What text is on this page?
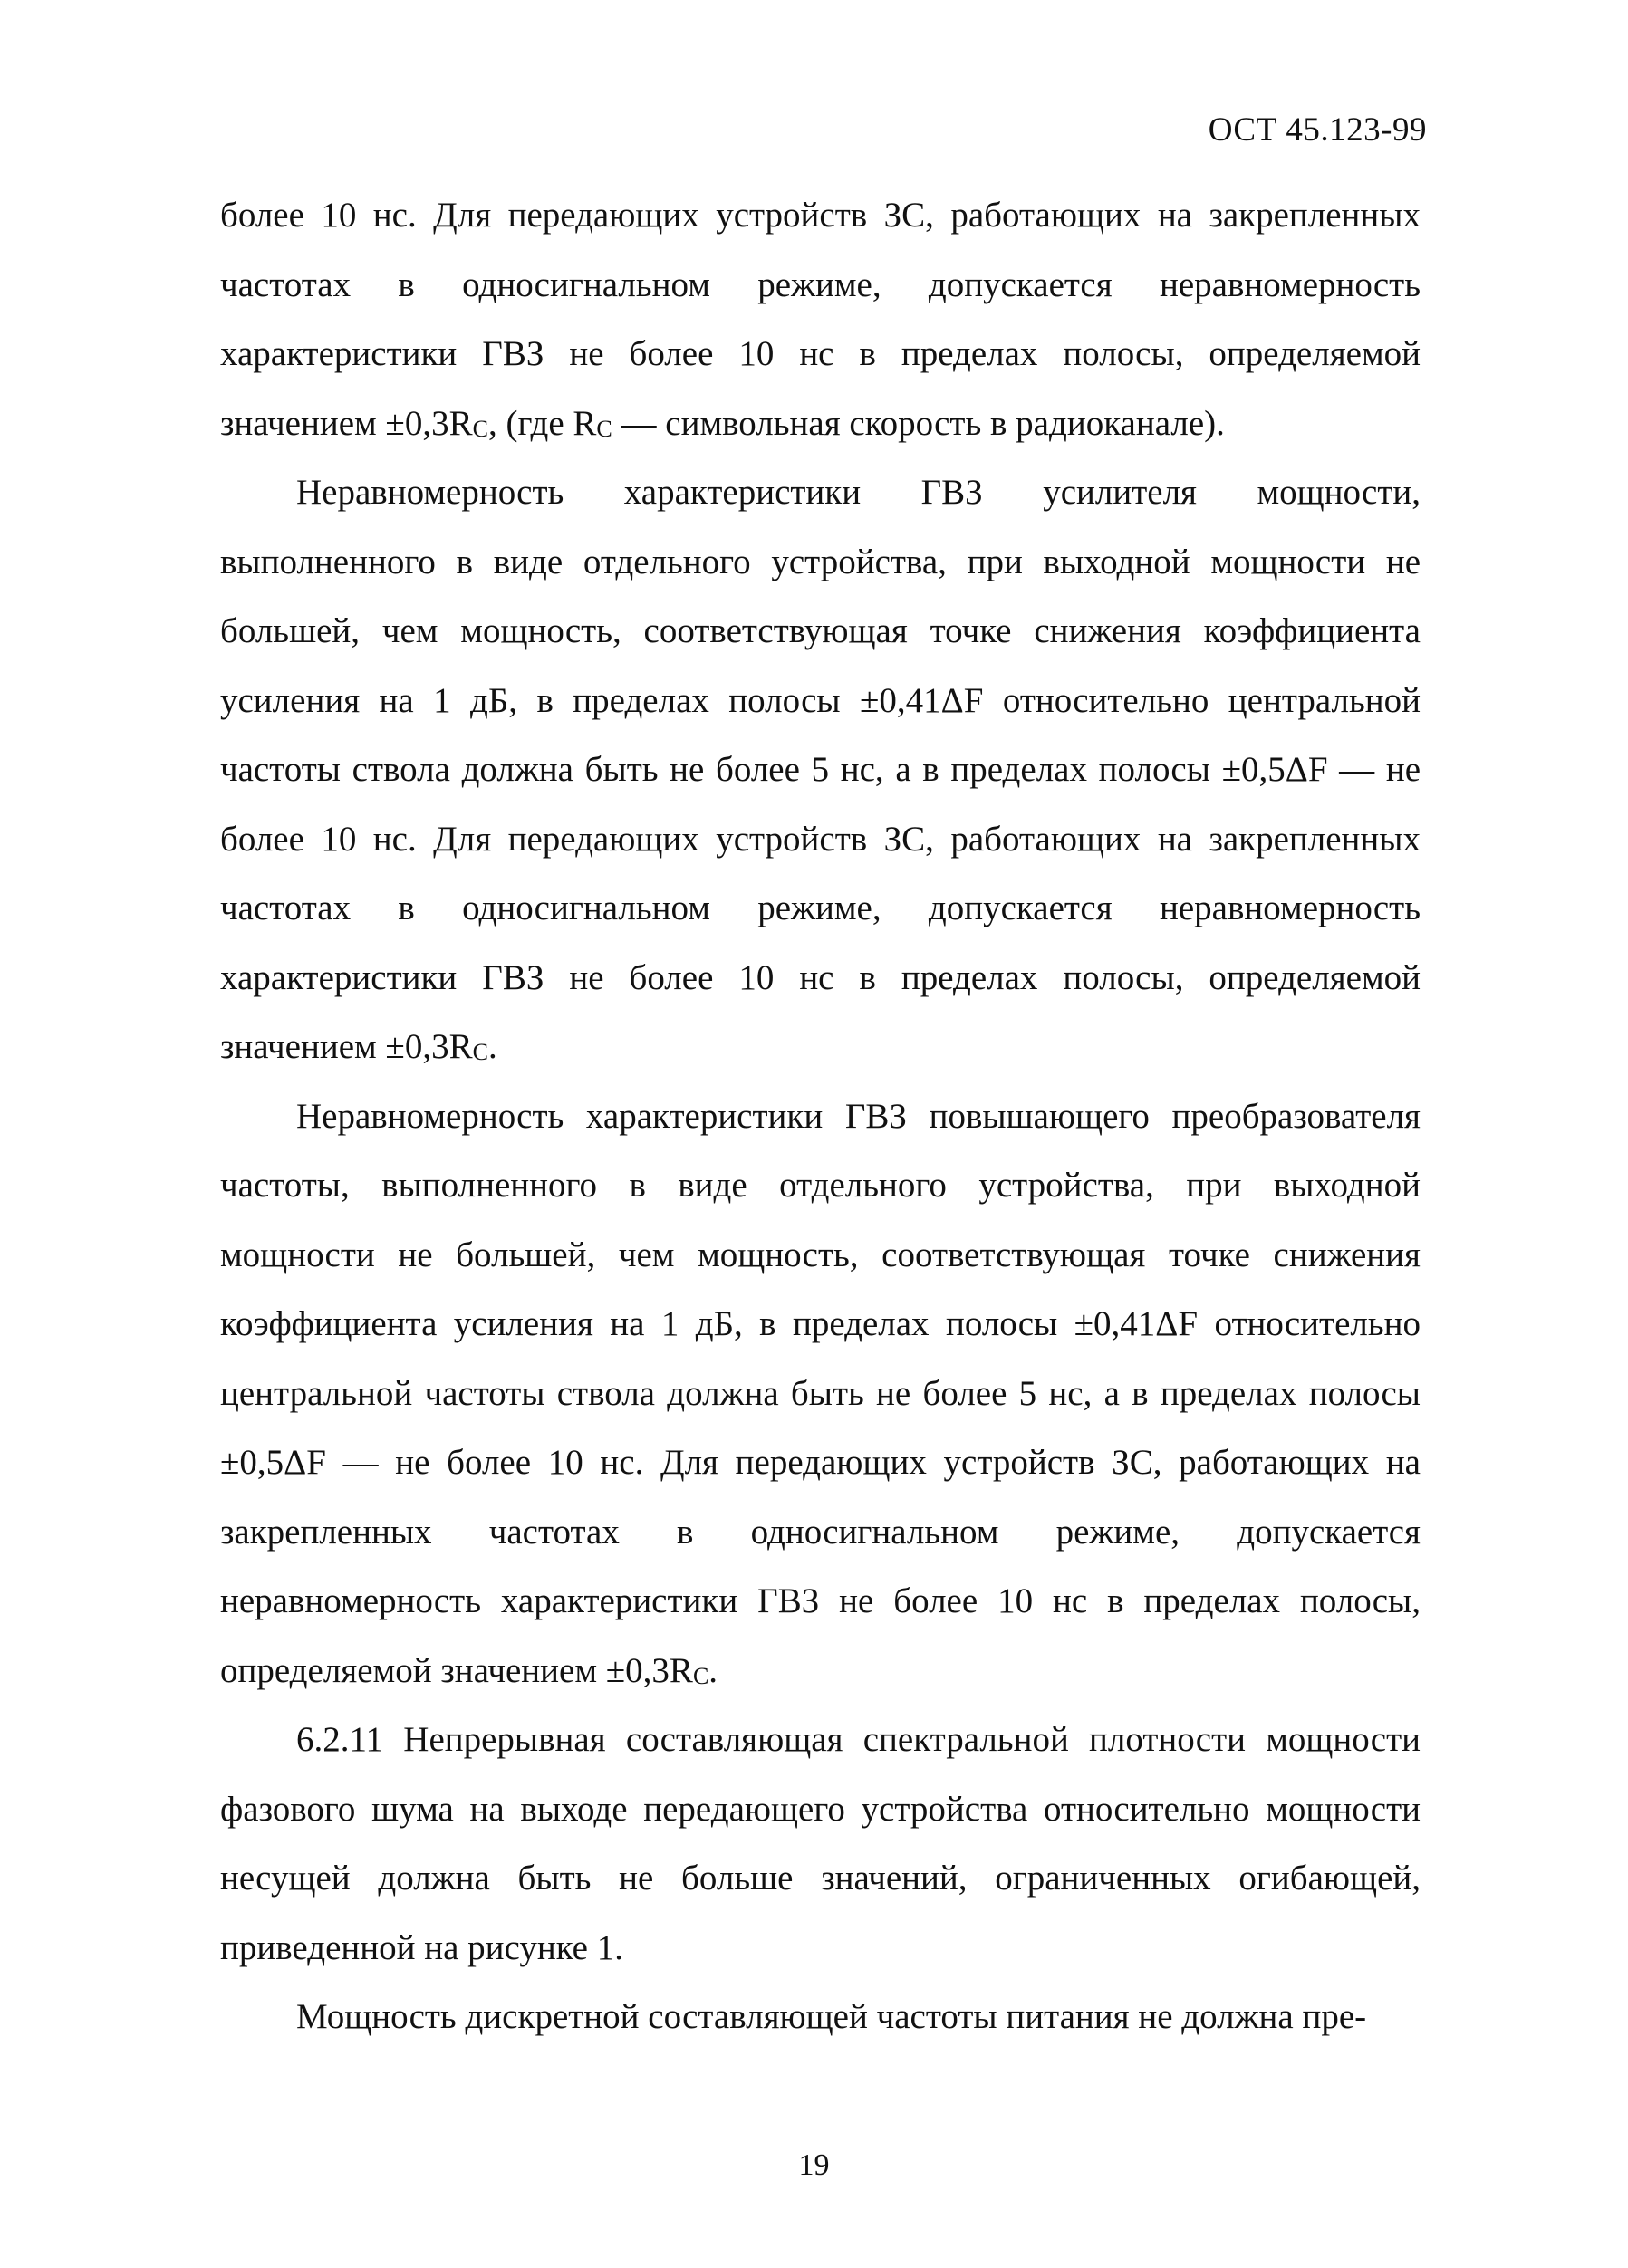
ОСТ 45.123-99

более 10 нс. Для передающих устройств ЗС, работающих на закрепленных частотах в односигнальном режиме, допускается неравномерность характеристики ГВЗ не более 10 нс в пределах полосы, определяемой значением $\pm 0,3R_C$, (где $R_C$ — символьная скорость в радиоканале).

Неравномерность характеристики ГВЗ усилителя мощности, выполненного в виде отдельного устройства, при выходной мощности не большей, чем мощность, соответствующая точке снижения коэффициента усиления на 1 дБ, в пределах полосы ±0,41ΔF относительно центральной частоты ствола должна быть не более 5 нс, а в пределах полосы ±0,5ΔF — не более 10 нс. Для передающих устройств ЗС, работающих на закрепленных частотах в односигнальном режиме, допускается неравномерность характеристики ГВЗ не более 10 нс в пределах полосы, определяемой значением $\pm 0,3R_C$.

Неравномерность характеристики ГВЗ повышающего преобразователя частоты, выполненного в виде отдельного устройства, при выходной мощности не большей, чем мощность, соответствующая точке снижения коэффициента усиления на 1 дБ, в пределах полосы ±0,41ΔF относительно центральной частоты ствола должна быть не более 5 нс, а в пределах полосы ±0,5ΔF — не более 10 нс. Для передающих устройств ЗС, работающих на закрепленных частотах в односигнальном режиме, допускается неравномерность характеристики ГВЗ не более 10 нс в пределах полосы, определяемой значением $\pm 0,3R_C$.

6.2.11 Непрерывная составляющая спектральной плотности мощности фазового шума на выходе передающего устройства относительно мощности несущей должна быть не больше значений, ограниченных огибающей, приведенной на рисунке 1.

Мощность дискретной составляющей частоты питания не должна пре-

19
